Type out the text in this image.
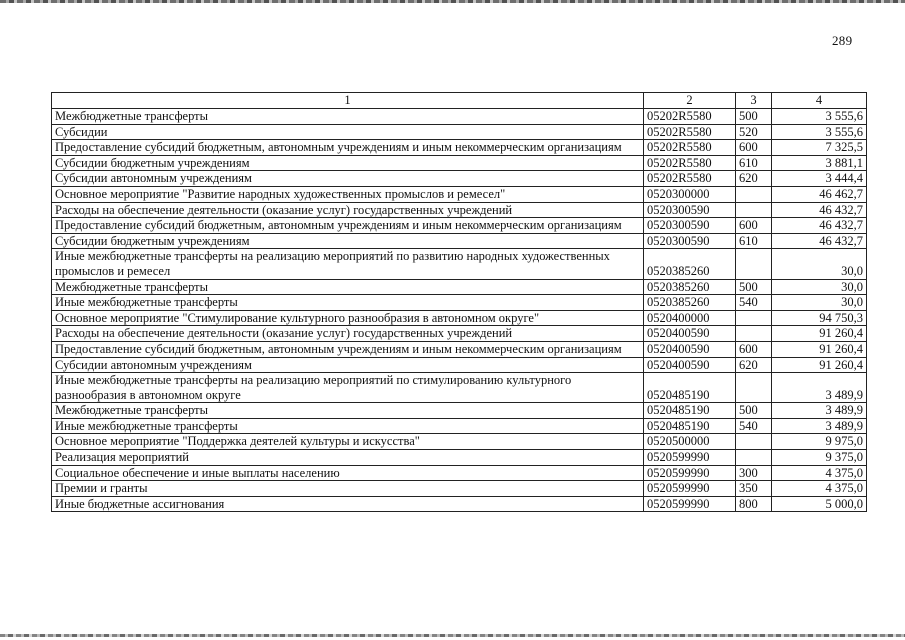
289
1	2	3	4
Межбюджетные трансферты	05202R5580	500	3 555,6
Субсидии	05202R5580	520	3 555,6
Предоставление субсидий бюджетным, автономным учреждениям и иным некоммерческим организациям	05202R5580	600	7 325,5
Субсидии бюджетным учреждениям	05202R5580	610	3 881,1
Субсидии автономным учреждениям	05202R5580	620	3 444,4
Основное мероприятие "Развитие народных художественных промыслов и ремесел"	0520300000		46 462,7
Расходы на обеспечение деятельности (оказание услуг) государственных учреждений	0520300590		46 432,7
Предоставление субсидий бюджетным, автономным учреждениям и иным некоммерческим организациям	0520300590	600	46 432,7
Субсидии бюджетным учреждениям	0520300590	610	46 432,7
Иные межбюджетные трансферты на реализацию мероприятий по развитию народных художественных промыслов и ремесел	0520385260		30,0
Межбюджетные трансферты	0520385260	500	30,0
Иные межбюджетные трансферты	0520385260	540	30,0
Основное мероприятие "Стимулирование культурного разнообразия в автономном округе"	0520400000		94 750,3
Расходы на обеспечение деятельности (оказание услуг) государственных учреждений	0520400590		91 260,4
Предоставление субсидий бюджетным, автономным учреждениям и иным некоммерческим организациям	0520400590	600	91 260,4
Субсидии автономным учреждениям	0520400590	620	91 260,4
Иные межбюджетные трансферты на реализацию мероприятий по стимулированию культурного разнообразия в автономном округе	0520485190		3 489,9
Межбюджетные трансферты	0520485190	500	3 489,9
Иные межбюджетные трансферты	0520485190	540	3 489,9
Основное мероприятие "Поддержка деятелей культуры и искусства"	0520500000		9 975,0
Реализация мероприятий	0520599990		9 375,0
Социальное обеспечение и иные выплаты населению	0520599990	300	4 375,0
Премии и гранты	0520599990	350	4 375,0
Иные бюджетные ассигнования	0520599990	800	5 000,0
